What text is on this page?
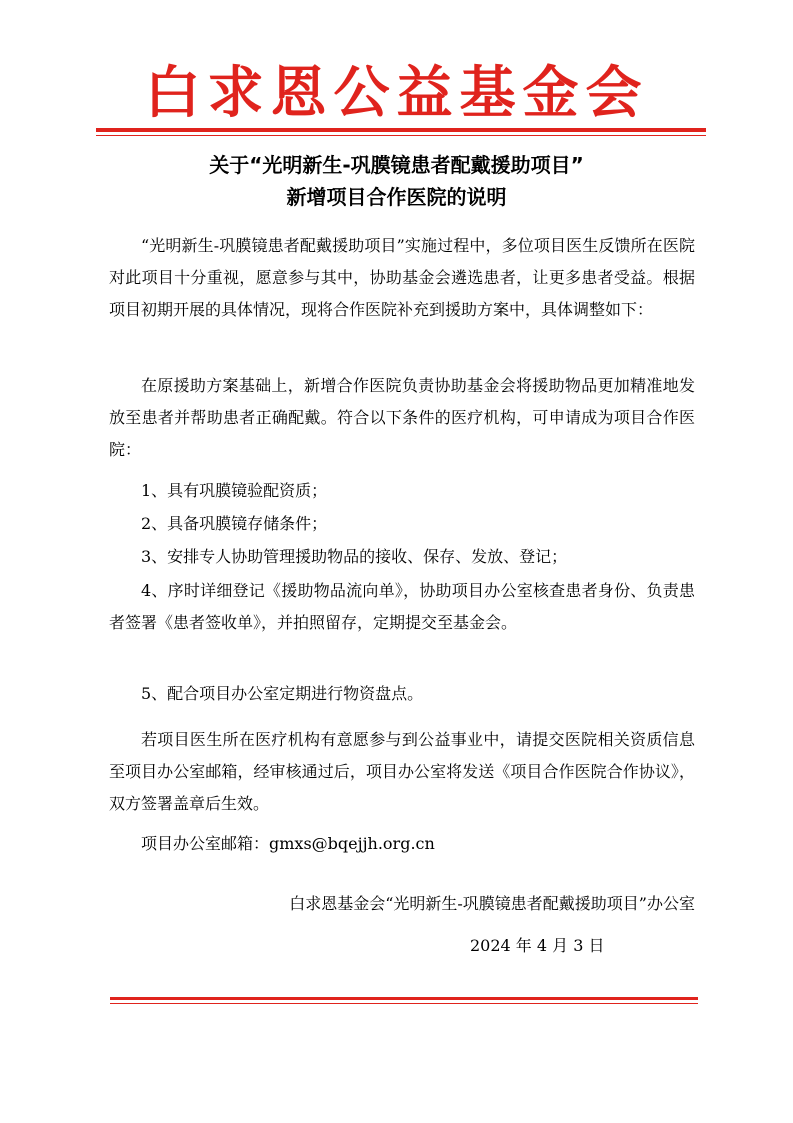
白求恩公益基金会
关于“光明新生-巩膜镜患者配戴援助项目”
新增项目合作医院的说明

“光明新生-巩膜镜患者配戴援助项目”实施过程中，多位项目医生反馈所在医院对此项目十分重视，愿意参与其中，协助基金会遴选患者，让更多患者受益。根据项目初期开展的具体情况，现将合作医院补充到援助方案中，具体调整如下：

在原援助方案基础上，新增合作医院负责协助基金会将援助物品更加精准地发放至患者并帮助患者正确配戴。符合以下条件的医疗机构，可申请成为项目合作医院：

1、具有巩膜镜验配资质；

2、具备巩膜镜存储条件；

3、安排专人协助管理援助物品的接收、保存、发放、登记；

4、序时详细登记《援助物品流向单》，协助项目办公室核查患者身份、负责患者签署《患者签收单》，并拍照留存，定期提交至基金会。

5、配合项目办公室定期进行物资盘点。

若项目医生所在医疗机构有意愿参与到公益事业中，请提交医院相关资质信息至项目办公室邮箱，经审核通过后，项目办公室将发送《项目合作医院合作协议》，双方签署盖章后生效。

项目办公室邮箱：gmxs@bqejjh.org.cn

白求恩基金会“光明新生-巩膜镜患者配戴援助项目”办公室
2024 年 4 月 3 日
